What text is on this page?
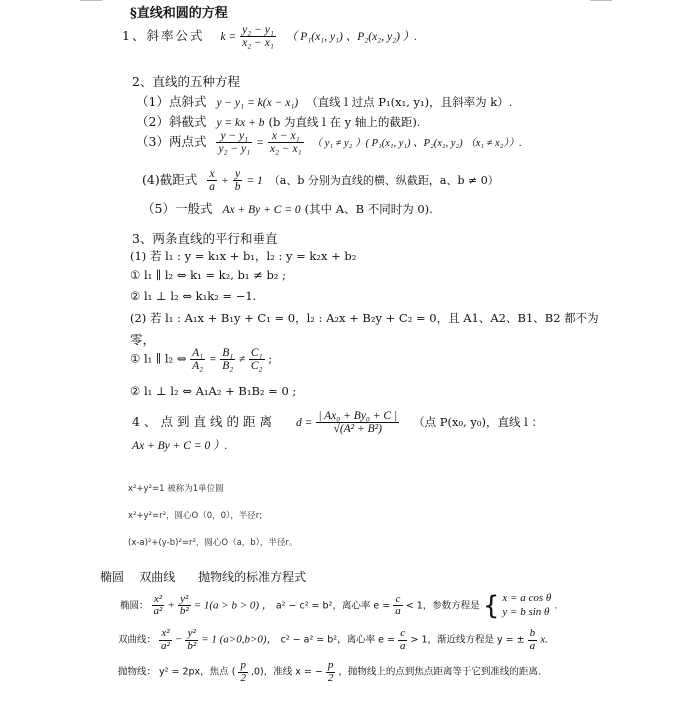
§直线和圆的方程
1、斜率公式 $k = \frac{\text{y₂ − y₁}}{\text{x₂ − x₁}}$ （ P₁(x₁, y₁) 、P₂(x₂, y₂) ）.
2、直线的五种方程
（1）点斜式 y − y₁ = k(x − x₁) （直线 l 过点 P₁(x₁, y₁)，且斜率为 k）.
（2）斜截式 y = kx + b (b 为直线 l 在 y 轴上的截距).
（3）两点式 $\frac{\text{y − y₁}}{\text{y₂ − y₁}} = \frac{\text{x − x₁}}{\text{x₂ − x₁}}$ （ y₁ ≠ y₂ ）( P₁(x₁, y₁) 、P₂(x₂, y₂) （x₁ ≠ x₂））.
(4)截距式 $\frac{x}{a} + \frac{y}{b} = 1$ （a、b 分别为直线的横、纵截距，a、b ≠ 0）
（5）一般式 Ax + By + C = 0 (其中 A、B 不同时为 0).
3、两条直线的平行和垂直
(1) 若 l₁ : y = k₁x + b₁，l₂ : y = k₂x + b₂
① l₁ ∥ l₂ ⇔ k₁ = k₂, b₁ ≠ b₂ ;
② l₁ ⊥ l₂ ⇔ k₁k₂ = −1.
(2) 若 l₁ : A₁x + B₁y + C₁ = 0，l₂ : A₂x + B₂y + C₂ = 0，且 A1、A2、B1、B2 都不为
零，
① l₁ ∥ l₂ ⇔ $\frac{\text{A₁}}{\text{A₂}} = \frac{\text{B₁}}{\text{B₂}} \ne \frac{\text{C₁}}{\text{C₂}}$ ;
② l₁ ⊥ l₂ ⇔ A₁A₂ + B₁B₂ = 0 ;
4、点到直线的距离 $d = \frac{\text{| Ax₀ + By₀ + C |}}{\text{√(A² + B²)}}$ （点 P(x₀, y₀)，直线 l ：
Ax + By + C = 0 ）.
x²+y²=1 被称为1单位圆
x²+y²=r²，圆心O（0，0），半径r;
(x-a)²+(y-b)²=r²，圆心O（a，b），半径r。
椭圆    双曲线      抛物线的标准方程式
椭圆： $\frac{\text{x²}}{\text{a²}} + \frac{\text{y²}}{\text{b²}} = 1(a > b > 0)$ ， a² − c² = b²，离心率 $e = \frac{c}{a} < 1$，参数方程是 { x = a cos θ
y = b sin θ .
双曲线： $\frac{\text{x²}}{\text{a²}} - \frac{\text{y²}}{\text{b²}} = 1$ (a>0,b>0)， c² − a² = b²，离心率 $e = \frac{c}{a} > 1$，渐近线方程是 y = ± $\frac{b}{a} x$.
抛物线： y² = 2px，焦点 ( $\frac{p}{2} ,0$)，准线 x = − $\frac{p}{2}$ ，抛物线上的点到焦点距离等于它到准线的距离.
